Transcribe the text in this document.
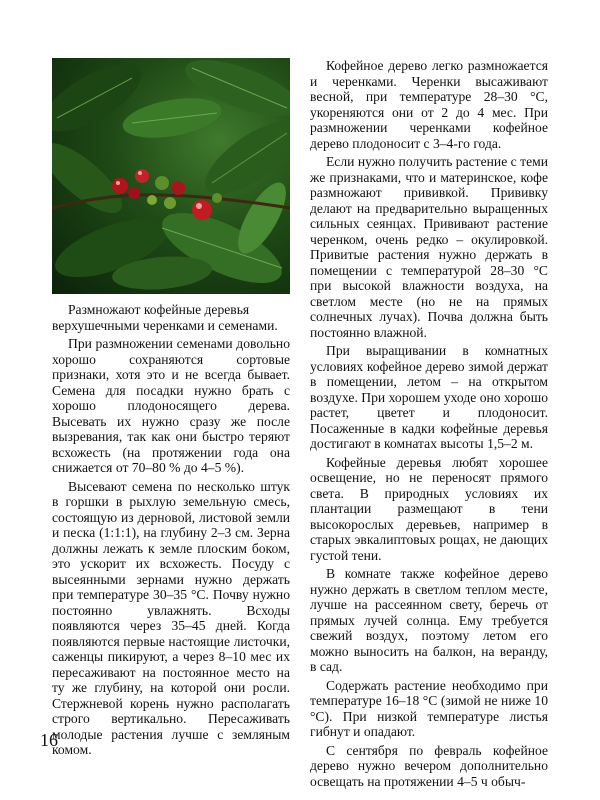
Размножают кофейные деревья верхушечными черенками и семенами.

При размножении семенами довольно хорошо сохраняются сортовые признаки, хотя это и не всегда бывает. Семена для посадки нужно брать с хорошо плодоносящего дерева. Высевать их нужно сразу же после вызревания, так как они быстро теряют всхожесть (на протяжении года она снижается от 70–80 % до 4–5 %).

Высевают семена по несколько штук в горшки в рыхлую земельную смесь, состоящую из дерновой, листовой земли и песка (1:1:1), на глубину 2–3 см. Зерна должны лежать к земле плоским боком, это ускорит их всхожесть. Посуду с высеянными зернами нужно держать при температуре 30–35 °С. Почву нужно постоянно увлажнять. Всходы появляются через 35–45 дней. Когда появляются первые настоящие листочки, саженцы пикируют, а через 8–10 мес их пересаживают на постоянное место на ту же глубину, на которой они росли. Стержневой корень нужно располагать строго вертикально. Пересаживать молодые растения лучше с земляным комом.

Кофейное дерево легко размножается и черенками. Черенки высаживают весной, при температуре 28–30 °С, укореняются они от 2 до 4 мес. При размножении черенками кофейное дерево плодоносит с 3–4-го года.

Если нужно получить растение с теми же признаками, что и материнское, кофе размножают прививкой. Прививку делают на предварительно выращенных сильных сеянцах. Прививают растение черенком, очень редко – окулировкой. Привитые растения нужно держать в помещении с температурой 28–30 °С при высокой влажности воздуха, на светлом месте (но не на прямых солнечных лучах). Почва должна быть постоянно влажной.

При выращивании в комнатных условиях кофейное дерево зимой держат в помещении, летом – на открытом воздухе. При хорошем уходе оно хорошо растет, цветет и плодоносит. Посаженные в кадки кофейные деревья достигают в комнатах высоты 1,5–2 м.

Кофейные деревья любят хорошее освещение, но не переносят прямого света. В природных условиях их плантации размещают в тени высокорослых деревьев, например в старых эвкалиптовых рощах, не дающих густой тени.

В комнате также кофейное дерево нужно держать в светлом теплом месте, лучше на рассеянном свету, беречь от прямых лучей солнца. Ему требуется свежий воздух, поэтому летом его можно выносить на балкон, на веранду, в сад.

Содержать растение необходимо при температуре 16–18 °С (зимой не ниже 10 °С). При низкой температуре листья гибнут и опадают.

С сентября по февраль кофейное дерево нужно вечером дополнительно освещать на протяжении 4–5 ч обыч-

16
